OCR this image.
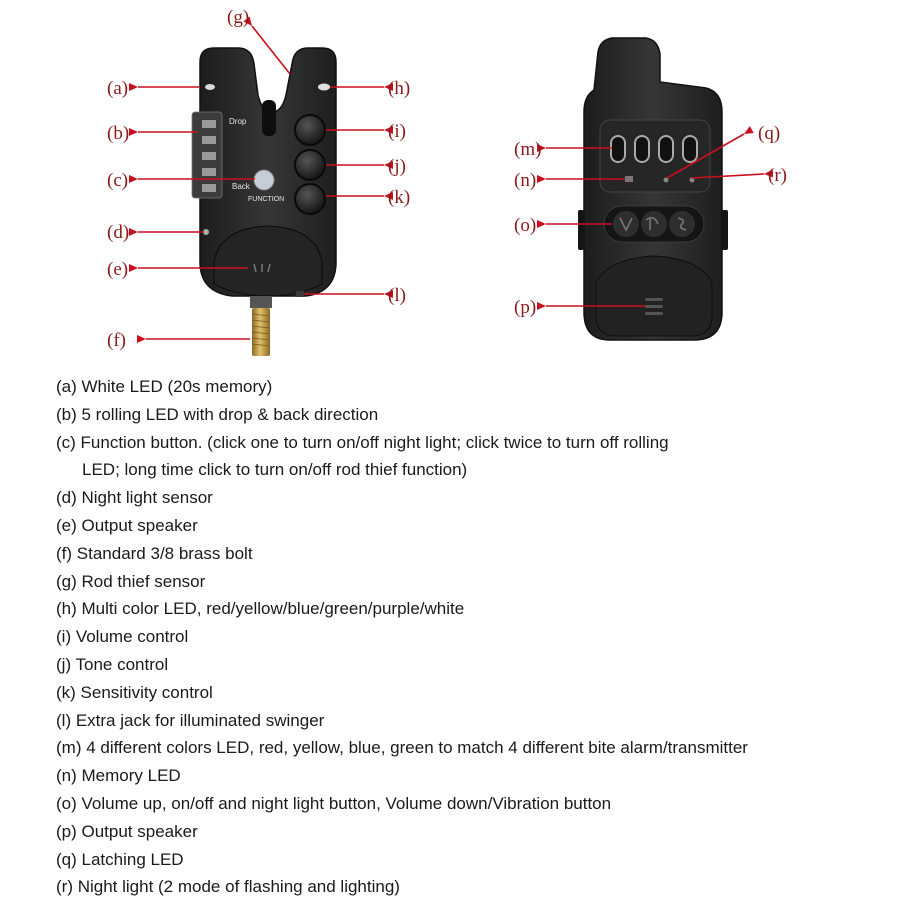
Drop
Back
FUNCTION
(a)
(b)
(c)
(d)
(e)
(f)
(g)
(h)
(i)
(j)
(k)
(l)
(m)
(n)
(o)
(p)
(q)
(r)
(a) White LED (20s memory)
(b) 5 rolling LED with drop & back direction
(c) Function button. (click one to turn on/off night light; click twice to turn off rolling
LED; long time click to turn on/off rod thief function)
(d) Night light sensor
(e) Output speaker
(f) Standard 3/8 brass bolt
(g) Rod thief sensor
(h) Multi color LED, red/yellow/blue/green/purple/white
(i) Volume control
(j) Tone control
(k) Sensitivity control
(l) Extra jack for illuminated swinger
(m) 4 different colors LED, red, yellow, blue, green to match 4 different bite alarm/transmitter
(n) Memory LED
(o) Volume up, on/off and night light button, Volume down/Vibration button
(p) Output speaker
(q) Latching LED
(r) Night light (2 mode of flashing and lighting)
